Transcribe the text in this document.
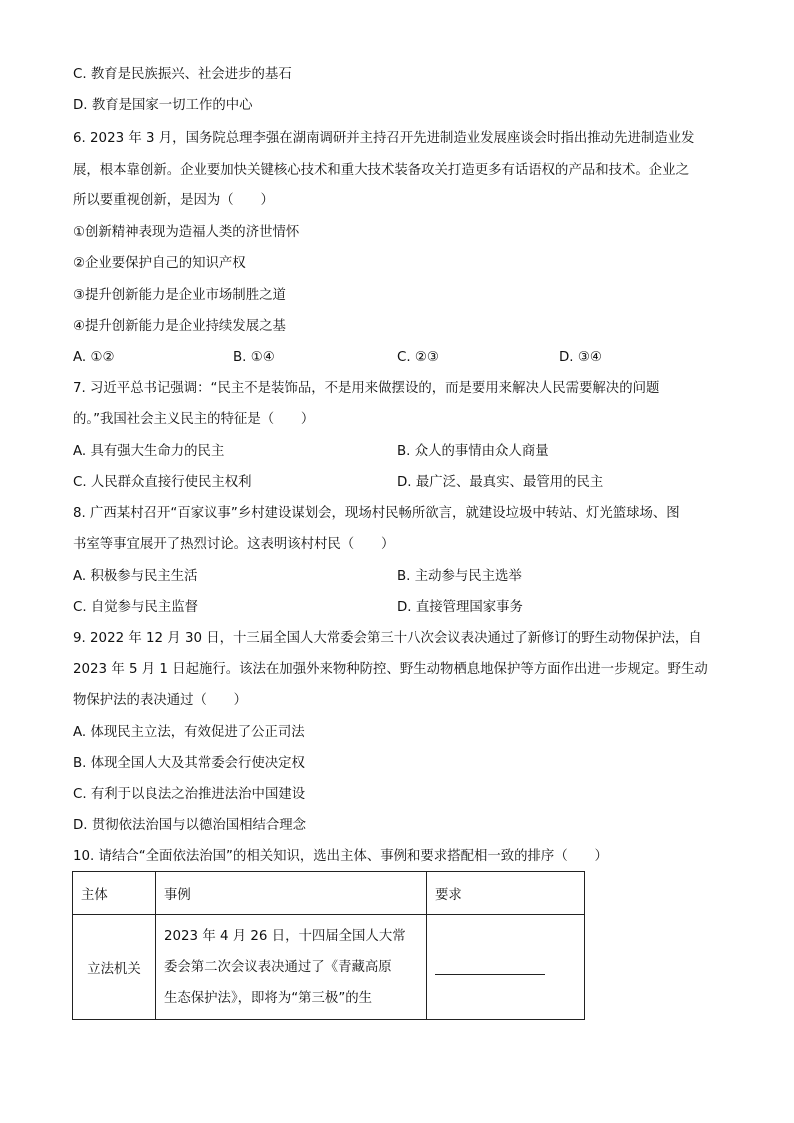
C. 教育是民族振兴、社会进步的基石
D. 教育是国家一切工作的中心
6. 2023 年 3 月，国务院总理李强在湖南调研并主持召开先进制造业发展座谈会时指出推动先进制造业发
展，根本靠创新。企业要加快关键核心技术和重大技术装备攻关打造更多有话语权的产品和技术。企业之
所以要重视创新，是因为（　　）
①创新精神表现为造福人类的济世情怀
②企业要保护自己的知识产权
③提升创新能力是企业市场制胜之道
④提升创新能力是企业持续发展之基
A. ①②	B. ①④	C. ②③	D. ③④
7. 习近平总书记强调：“民主不是装饰品，不是用来做摆设的，而是要用来解决人民需要解决的问题
的。”我国社会主义民主的特征是（　　）
A. 具有强大生命力的民主	B. 众人的事情由众人商量
C. 人民群众直接行使民主权利	D. 最广泛、最真实、最管用的民主
8. 广西某村召开“百家议事”乡村建设谋划会，现场村民畅所欲言，就建设垃圾中转站、灯光篮球场、图
书室等事宜展开了热烈讨论。这表明该村村民（　　）
A. 积极参与民主生活	B. 主动参与民主选举
C. 自觉参与民主监督	D. 直接管理国家事务
9. 2022 年 12 月 30 日，十三届全国人大常委会第三十八次会议表决通过了新修订的野生动物保护法，自
2023 年 5 月 1 日起施行。该法在加强外来物种防控、野生动物栖息地保护等方面作出进一步规定。野生动
物保护法的表决通过（　　）
A. 体现民主立法，有效促进了公正司法
B. 体现全国人大及其常委会行使决定权
C. 有利于以良法之治推进法治中国建设
D. 贯彻依法治国与以德治国相结合理念
10. 请结合“全面依法治国”的相关知识，选出主体、事例和要求搭配相一致的排序（　　）
主体	事例	要求
立法机关	2023 年 4 月 26 日，十四届全国人大常
委会第二次会议表决通过了《青藏高原
生态保护法》，即将为“第三极”的生	
